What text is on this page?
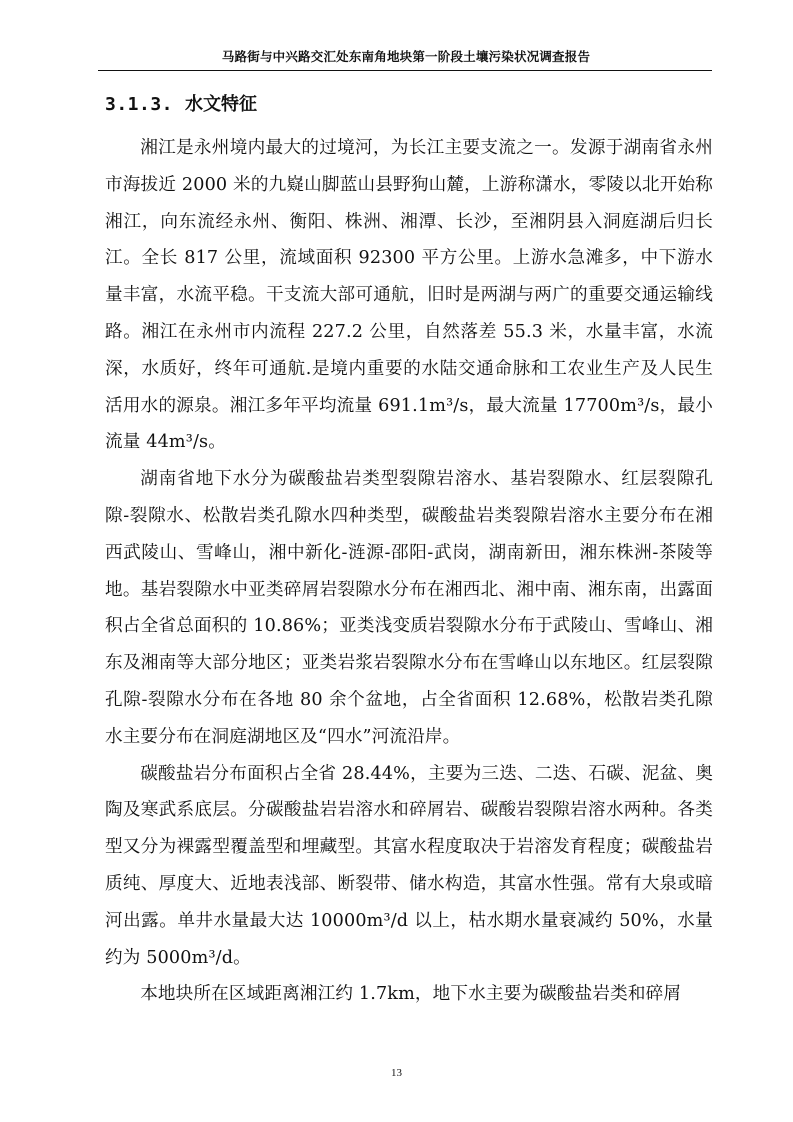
马路街与中兴路交汇处东南角地块第一阶段土壤污染状况调查报告
3.1.3. 水文特征

湘江是永州境内最大的过境河，为长江主要支流之一。发源于湖南省永州市海拔近 2000 米的九嶷山脚蓝山县野狗山麓，上游称潇水，零陵以北开始称湘江，向东流经永州、衡阳、株洲、湘潭、长沙，至湘阴县入洞庭湖后归长江。全长 817 公里，流域面积 92300 平方公里。上游水急滩多，中下游水量丰富，水流平稳。干支流大部可通航，旧时是两湖与两广的重要交通运输线路。湘江在永州市内流程 227.2 公里，自然落差 55.3 米，水量丰富，水流深，水质好，终年可通航.是境内重要的水陆交通命脉和工农业生产及人民生活用水的源泉。湘江多年平均流量 691.1m³/s，最大流量 17700m³/s，最小流量 44m³/s。

湖南省地下水分为碳酸盐岩类型裂隙岩溶水、基岩裂隙水、红层裂隙孔隙-裂隙水、松散岩类孔隙水四种类型，碳酸盐岩类裂隙岩溶水主要分布在湘西武陵山、雪峰山，湘中新化-涟源-邵阳-武岗，湖南新田，湘东株洲-茶陵等地。基岩裂隙水中亚类碎屑岩裂隙水分布在湘西北、湘中南、湘东南，出露面积占全省总面积的 10.86%；亚类浅变质岩裂隙水分布于武陵山、雪峰山、湘东及湘南等大部分地区；亚类岩浆岩裂隙水分布在雪峰山以东地区。红层裂隙孔隙-裂隙水分布在各地 80 余个盆地，占全省面积 12.68%，松散岩类孔隙水主要分布在洞庭湖地区及“四水”河流沿岸。

碳酸盐岩分布面积占全省 28.44%，主要为三迭、二迭、石碳、泥盆、奥陶及寒武系底层。分碳酸盐岩岩溶水和碎屑岩、碳酸岩裂隙岩溶水两种。各类型又分为裸露型覆盖型和埋藏型。其富水程度取决于岩溶发育程度；碳酸盐岩质纯、厚度大、近地表浅部、断裂带、储水构造，其富水性强。常有大泉或暗河出露。单井水量最大达 10000m³/d 以上，枯水期水量衰减约 50%，水量约为 5000m³/d。

本地块所在区域距离湘江约 1.7km，地下水主要为碳酸盐岩类和碎屑

13
